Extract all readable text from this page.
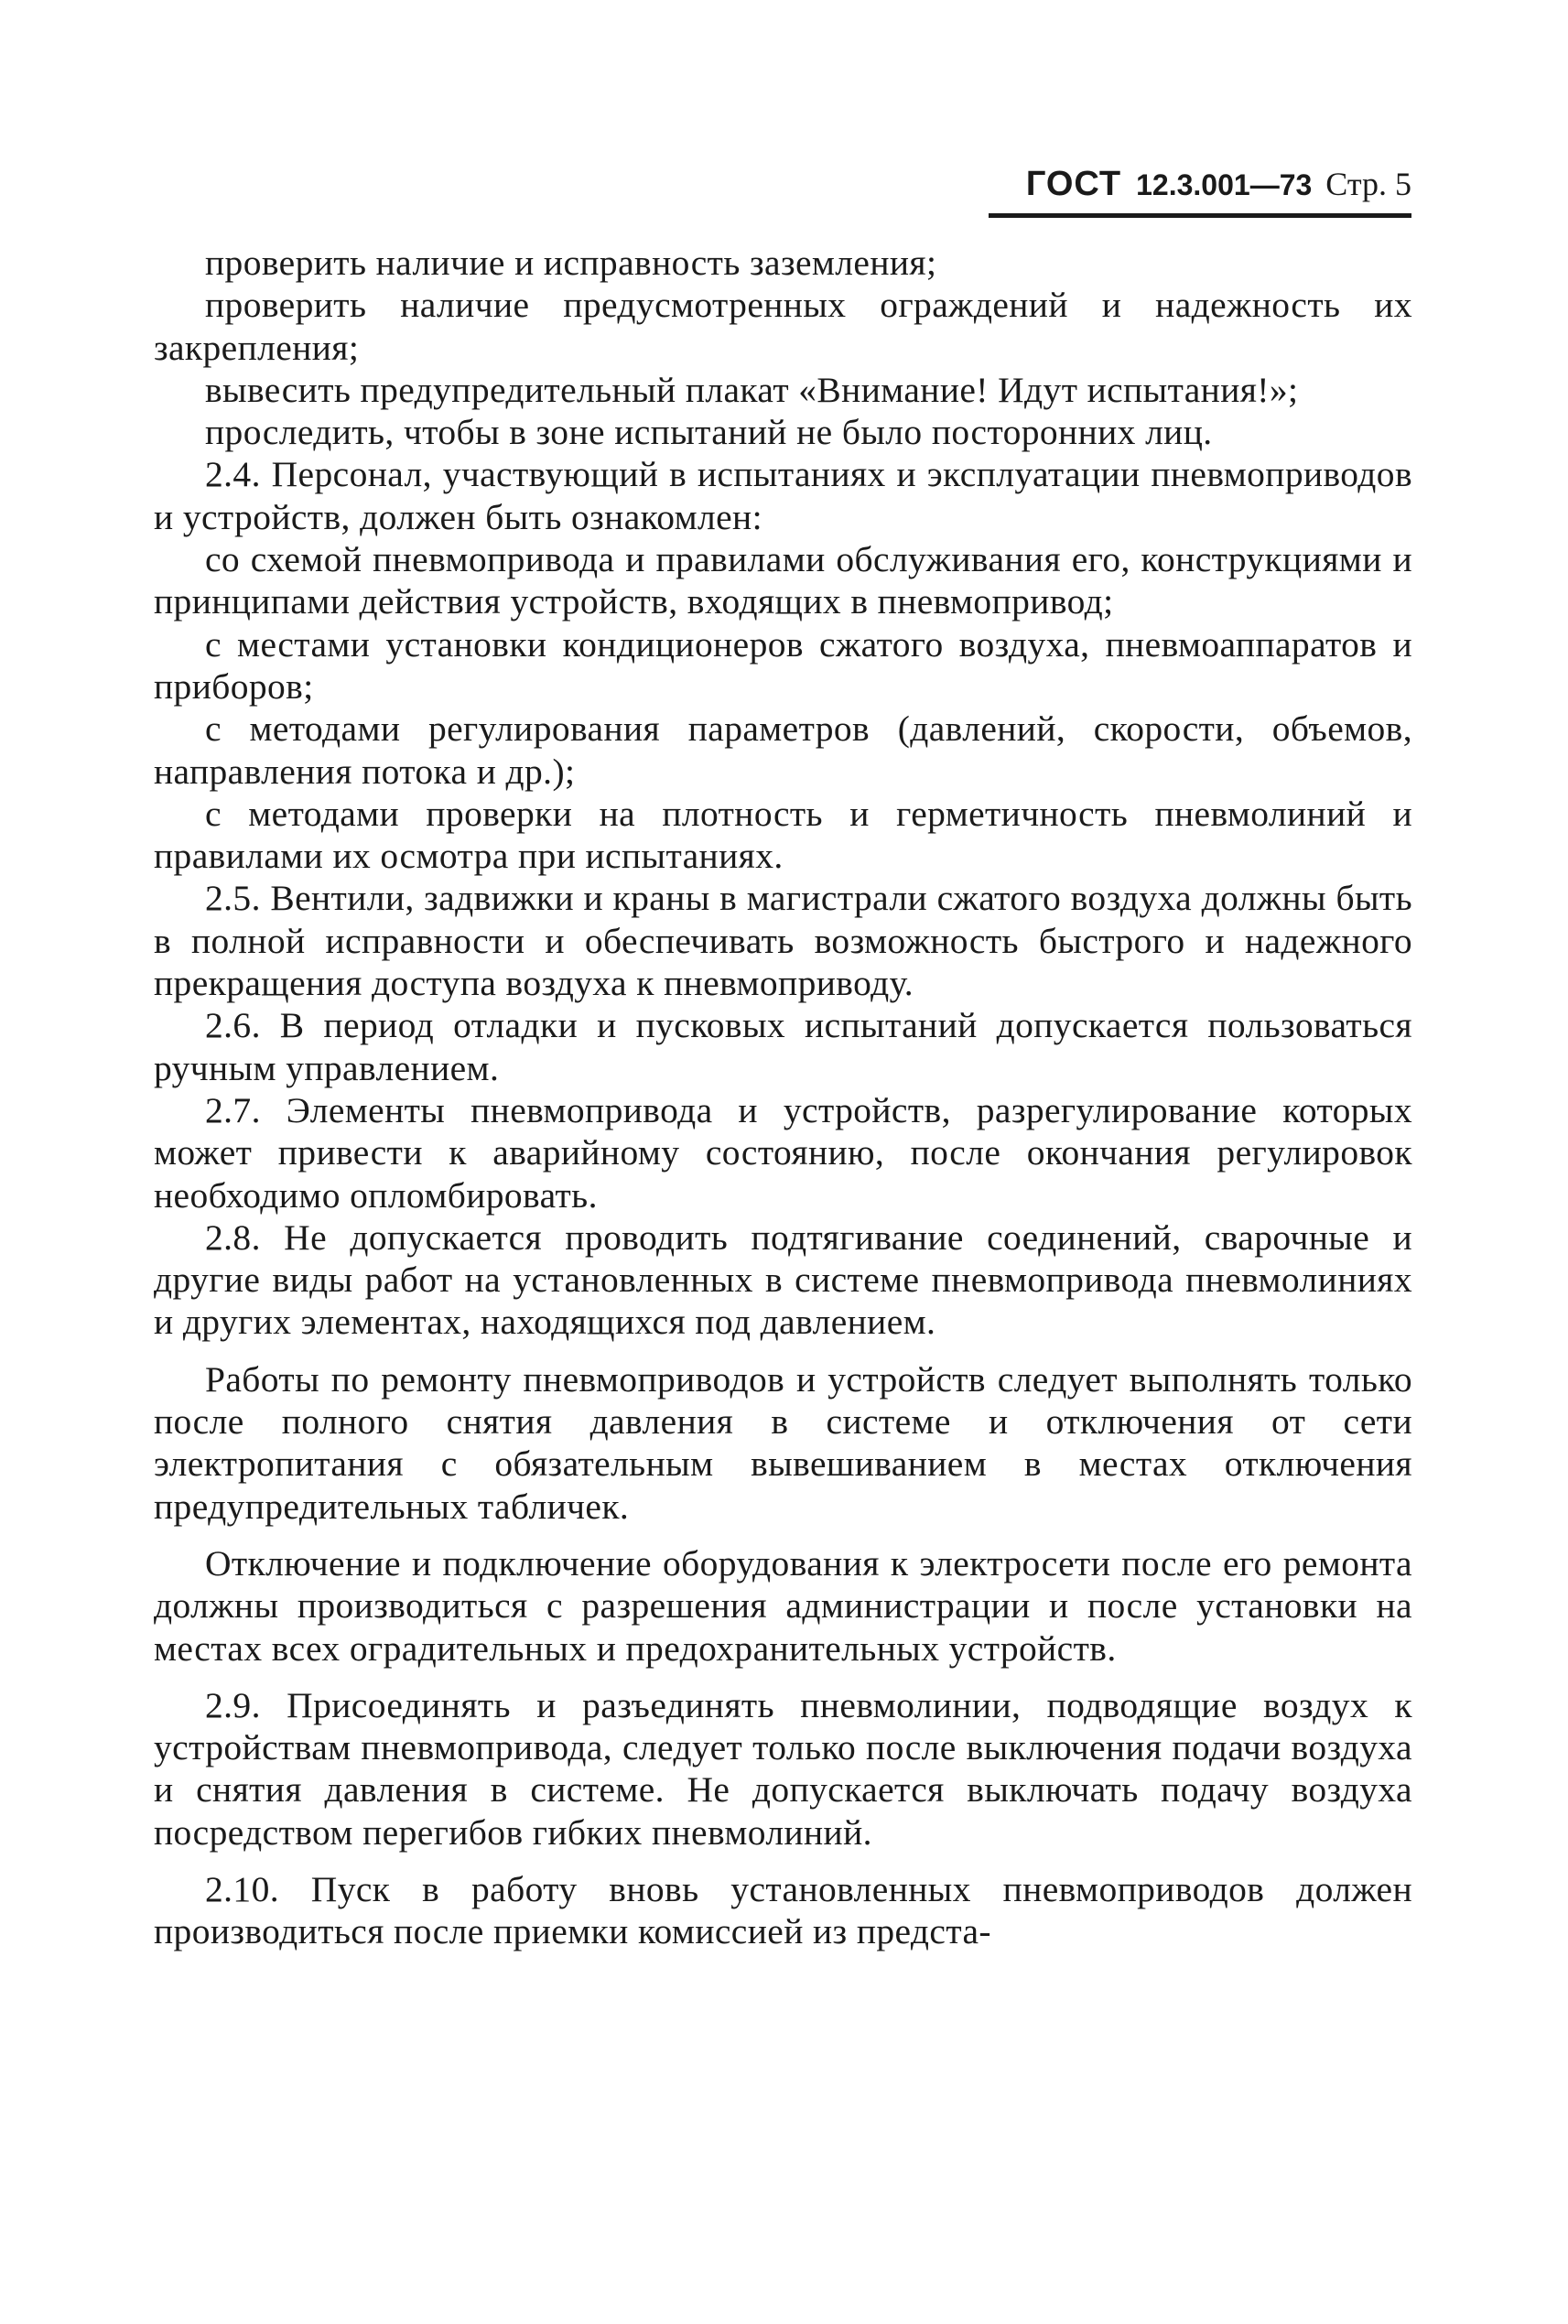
ГОСТ 12.3.001—73 Стр. 5

проверить наличие и исправность заземления;

проверить наличие предусмотренных ограждений и надежность их закрепления;

вывесить предупредительный плакат «Внимание! Идут испытания!»;

проследить, чтобы в зоне испытаний не было посторонних лиц.

2.4. Персонал, участвующий в испытаниях и эксплуатации пневмоприводов и устройств, должен быть ознакомлен:

со схемой пневмопривода и правилами обслуживания его, конструкциями и принципами действия устройств, входящих в пневмопривод;

с местами установки кондиционеров сжатого воздуха, пневмоаппаратов и приборов;

с методами регулирования параметров (давлений, скорости, объемов, направления потока и др.);

с методами проверки на плотность и герметичность пневмолиний и правилами их осмотра при испытаниях.

2.5. Вентили, задвижки и краны в магистрали сжатого воздуха должны быть в полной исправности и обеспечивать возможность быстрого и надежного прекращения доступа воздуха к пневмоприводу.

2.6. В период отладки и пусковых испытаний допускается пользоваться ручным управлением.

2.7. Элементы пневмопривода и устройств, разрегулирование которых может привести к аварийному состоянию, после окончания регулировок необходимо опломбировать.

2.8. Не допускается проводить подтягивание соединений, сварочные и другие виды работ на установленных в системе пневмопривода пневмолиниях и других элементах, находящихся под давлением.

Работы по ремонту пневмоприводов и устройств следует выполнять только после полного снятия давления в системе и отключения от сети электропитания с обязательным вывешиванием в местах отключения предупредительных табличек.

Отключение и подключение оборудования к электросети после его ремонта должны производиться с разрешения администрации и после установки на местах всех оградительных и предохранительных устройств.

2.9. Присоединять и разъединять пневмолинии, подводящие воздух к устройствам пневмопривода, следует только после выключения подачи воздуха и снятия давления в системе. Не допускается выключать подачу воздуха посредством перегибов гибких пневмолиний.

2.10. Пуск в работу вновь установленных пневмоприводов должен производиться после приемки комиссией из предста-
